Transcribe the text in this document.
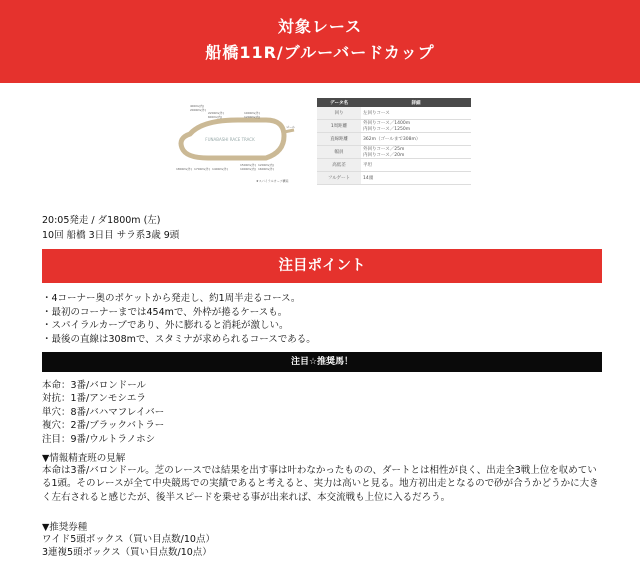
対象レース
船橋11R/ブルーバードカップ
FUNABASHI RACE TRACK
2200m(外)
600m(内)
1000m(外)
1200m(内)
2000m(外)
400m(内)
1500m(外)
1600m(外)
1800m(外) 1700m(外) 1400m(外)	1000m(内)
1200m(内)
ゴール
★スパイラルカーブ構造
データ名	詳細
回り	左回りコース
1周距離	外回りコース／1400m
内回りコース／1250m
直線距離	362m（ゴールまで308m）
幅員	外回りコース／25m
内回りコース／20m
高低差	平坦
フルゲート	14頭
20:05発走 / ダ1800m (左)
10回 船橋 3日目 サラ系3歳 9頭
注目ポイント
・4コーナー奥のポケットから発走し、約1周半走るコース。
・最初のコーナーまでは454mで、外枠が捲るケースも。
・スパイラルカーブであり、外に膨れると消耗が激しい。
・最後の直線は308mで、スタミナが求められるコースである。
注目☆推奨馬！
本命：3番/バロンドール
対抗：1番/アンモシエラ
単穴：8番/バハマフレイバー
複穴：2番/ブラックバトラー
注目：9番/ウルトラノホシ
▼情報精査班の見解

本命は3番/バロンドール。芝のレースでは結果を出す事は叶わなかったものの、ダートとは相性が良く、出走全3戦上位を収めている1頭。そのレースが全て中央競馬での実績であると考えると、実力は高いと見る。地方初出走となるので砂が合うかどうかに大きく左右されると感じたが、後半スピードを乗せる事が出来れば、本交流戦も上位に入るだろう。

▼推奨券種
ワイド5頭ボックス（買い目点数/10点）
3連複5頭ボックス（買い目点数/10点）
